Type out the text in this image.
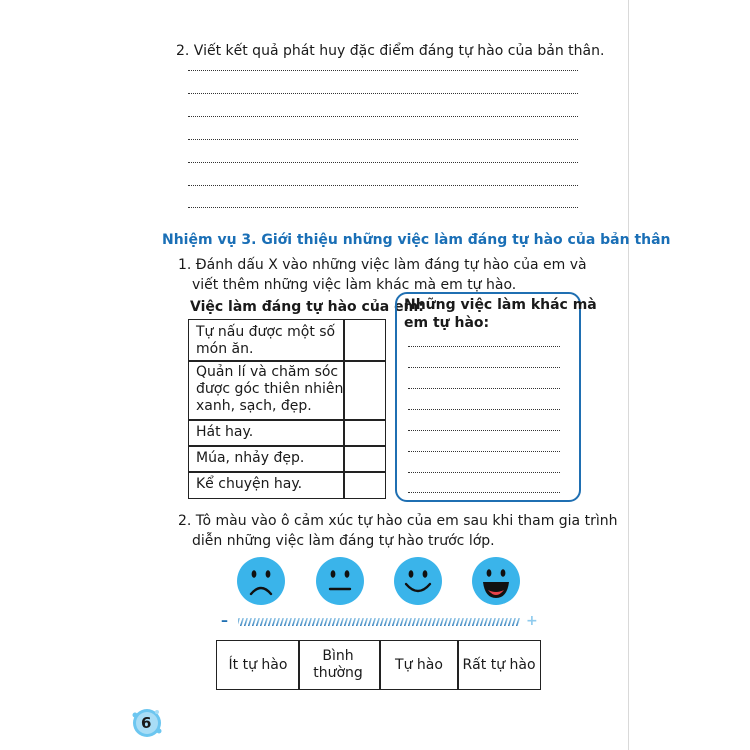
2. Viết kết quả phát huy đặc điểm đáng tự hào của bản thân.
Nhiệm vụ 3. Giới thiệu những việc làm đáng tự hào của bản thân
1. Đánh dấu X vào những việc làm đáng tự hào của em và
viết thêm những việc làm khác mà em tự hào.
Việc làm đáng tự hào của em:
Tự nấu được một số
món ăn.
Quản lí và chăm sóc
được góc thiên nhiên
xanh, sạch, đẹp.
Hát hay.
Múa, nhảy đẹp.
Kể chuyện hay.
Những việc làm khác mà
em tự hào:
2. Tô màu vào ô cảm xúc tự hào của em sau khi tham gia trình
diễn những việc làm đáng tự hào trước lớp.
–	+
Ít tự hào
Bình thường
Tự hào	Rất tự hào
6
